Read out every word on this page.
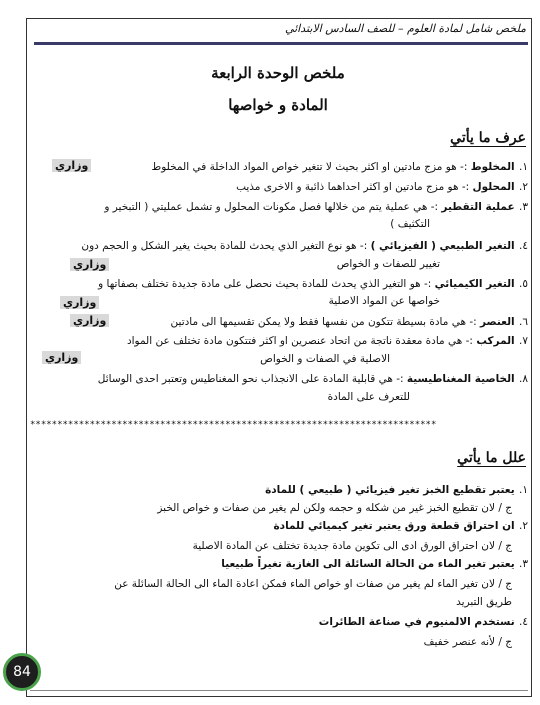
ملخص شامل لمادة العلوم – للصف السادس الابتدائي
ملخص الوحدة الرابعة
المادة و خواصها
عرف ما يأتي
١. المخلوط :- هو مزج مادتين او اكثر بحيث لا تتغير خواص المواد الداخلة في المخلوط
٢. المحلول :- هو مزج مادتين او اكثر احداهما ذائبة و الاخرى مذيب
٣. عملية التقطير :- هي عملية يتم من خلالها فصل مكونات المحلول و تشمل عمليتي ( التبخير و
التكثيف )
٤. التغير الطبيعي ( الفيزيائي ) :- هو نوع التغير الذي يحدث للمادة بحيث يغير الشكل و الحجم دون
تغيير للصفات و الخواص
٥. التغير الكيميائي :- هو التغير الذي يحدث للمادة بحيث نحصل على مادة جديدة تختلف بصفاتها و
خواصها عن المواد الاصلية
٦. العنصر :- هي مادة بسيطة تتكون من نفسها فقط ولا يمكن تقسيمها الى مادتين
٧. المركب :- هي مادة معقدة ناتجة من اتحاد عنصرين او اكثر فتتكون مادة تختلف عن المواد
الاصلية في الصفات و الخواص
٨. الخاصية المغناطيسية :- هي قابلية المادة على الانجذاب نحو المغناطيس وتعتبر احدى الوسائل
للتعرف على المادة
وزاري
وزاري
وزاري
وزاري
وزاري
***************************************************************************
علل ما يأتي
١. يعتبر تقطيع الخبز تغير فيزيائي ( طبيعي ) للمادة
ج / لان تقطيع الخبز غير من شكله و حجمه ولكن لم يغير من صفات و خواص الخبز
٢. ان احتراق قطعة ورق يعتبر تغير كيميائي للمادة
ج / لان احتراق الورق ادى الى تكوين مادة جديدة تختلف عن المادة الاصلية
٣. يعتبر تغير الماء من الحالة السائلة الى الغازية تغيراً طبيعيا
ج / لان تغير الماء لم يغير من صفات او خواص الماء فمكن اعادة الماء الى الحالة السائلة عن
طريق التبريد
٤. نستخدم الالمنيوم في صناعة الطائرات
ج / لأنه عنصر خفيف
84
